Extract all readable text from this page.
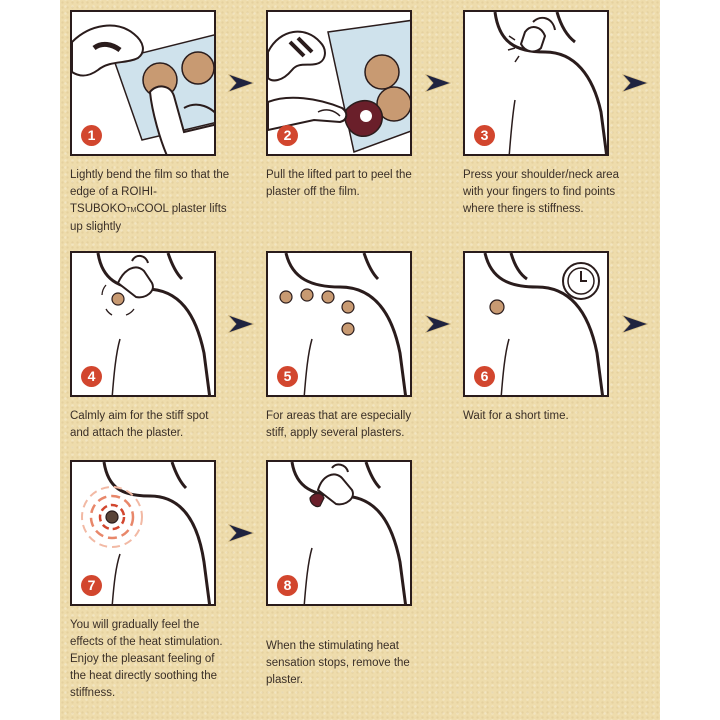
1
Lightly bend the film so that the edge of a ROIHI-TSUBOKOTMCOOL plaster lifts up slightly
2
Pull the lifted part to peel the plaster off the film.
3
Press your shoulder/neck area with your fingers to find points where there is stiffness.
4
Calmly aim for the stiff spot and attach the plaster.
5
For areas that are especially stiff, apply several plasters.
6
Wait for a short time.
7
You will gradually feel the effects of the heat stimulation. Enjoy the pleasant feeling of the heat directly soothing the stiffness.
8
When the stimulating heat sensation stops, remove the plaster.
